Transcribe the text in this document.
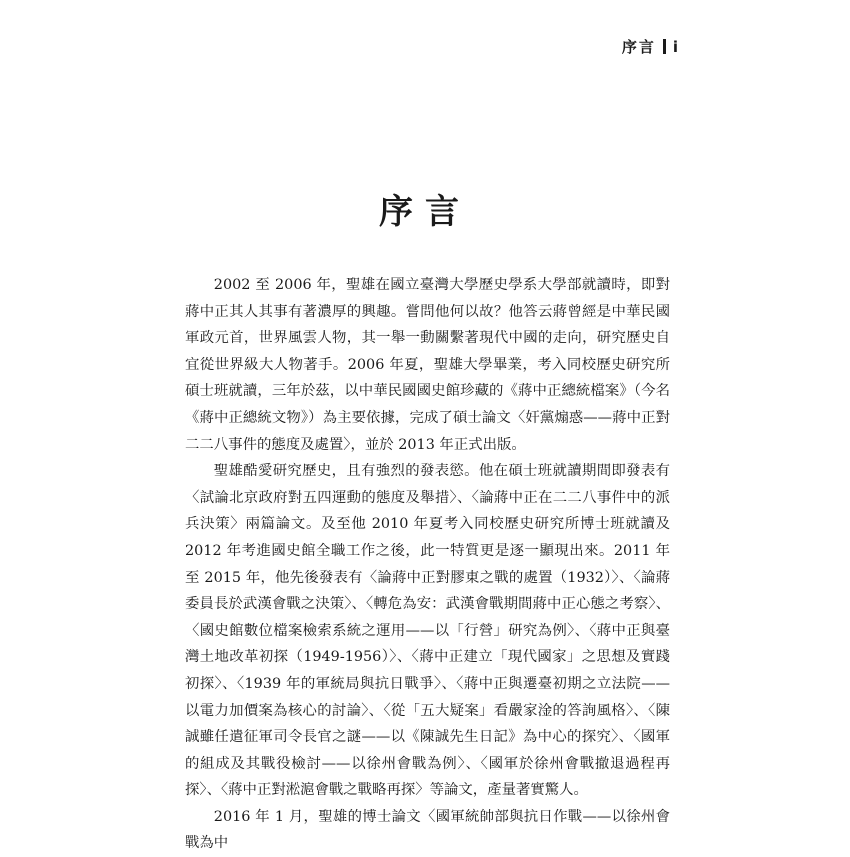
序言 i
序言

2002 至 2006 年，聖雄在國立臺灣大學歷史學系大學部就讀時，即對蔣中正其人其事有著濃厚的興趣。嘗問他何以故？他答云蔣曾經是中華民國軍政元首，世界風雲人物，其一舉一動關繫著現代中國的走向，研究歷史自宜從世界級大人物著手。2006 年夏，聖雄大學畢業，考入同校歷史研究所碩士班就讀，三年於茲，以中華民國國史館珍藏的《蔣中正總統檔案》（今名《蔣中正總統文物》）為主要依據，完成了碩士論文〈奸黨煽惑——蔣中正對二二八事件的態度及處置〉，並於 2013 年正式出版。

聖雄酷愛研究歷史，且有強烈的發表慾。他在碩士班就讀期間即發表有〈試論北京政府對五四運動的態度及舉措〉、〈論蔣中正在二二八事件中的派兵決策〉兩篇論文。及至他 2010 年夏考入同校歷史研究所博士班就讀及 2012 年考進國史館全職工作之後，此一特質更是逐一顯現出來。2011 年至 2015 年，他先後發表有〈論蔣中正對膠東之戰的處置（1932）〉、〈論蔣委員長於武漢會戰之決策〉、〈轉危為安：武漢會戰期間蔣中正心態之考察〉、〈國史館數位檔案檢索系統之運用——以「行營」研究為例〉、〈蔣中正與臺灣土地改革初探（1949-1956）〉、〈蔣中正建立「現代國家」之思想及實踐初探〉、〈1939 年的軍統局與抗日戰爭〉、〈蔣中正與遷臺初期之立法院——以電力加價案為核心的討論〉、〈從「五大疑案」看嚴家淦的答詢風格〉、〈陳誠雖任遣征軍司令長官之謎——以《陳誠先生日記》為中心的探究〉、〈國軍的組成及其戰役檢討——以徐州會戰為例〉、〈國軍於徐州會戰撤退過程再探〉、〈蔣中正對淞滬會戰之戰略再探〉等論文，產量著實驚人。

2016 年 1 月，聖雄的博士論文〈國軍統帥部與抗日作戰——以徐州會戰為中
